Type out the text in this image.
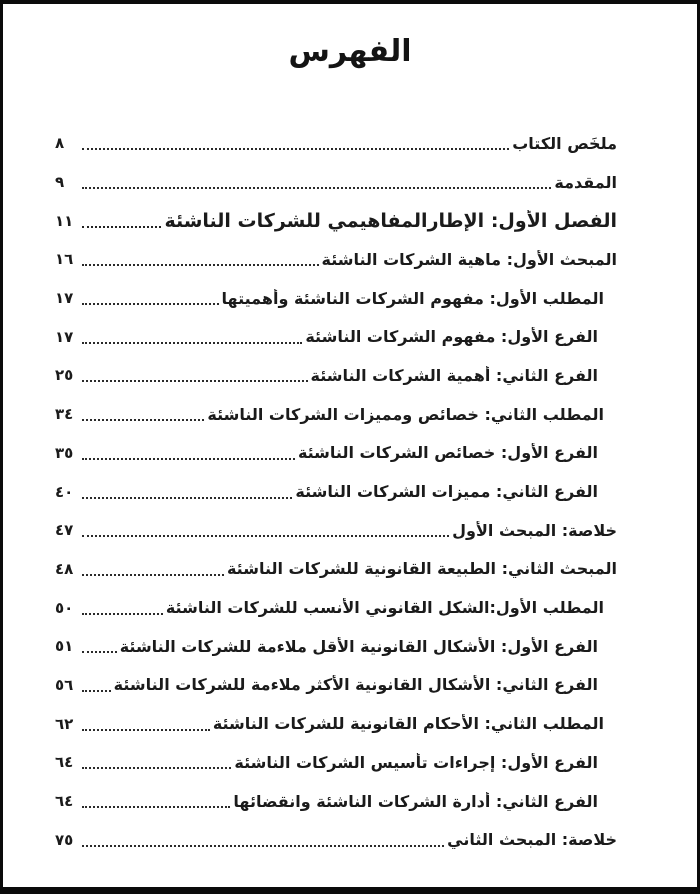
الفهرس
ملخَص الكتاب
٨
المقدمة
٩
الفصل الأول: الإطارالمفاهيمي للشركات الناشئة
١١
المبحث الأول: ماهية الشركات الناشئة
١٦
المطلب الأول: مفهوم الشركات الناشئة وأهميتها
١٧
الفرع الأول: مفهوم الشركات الناشئة
١٧
الفرع الثاني: أهمية الشركات الناشئة
٢٥
المطلب الثاني: خصائص ومميزات الشركات الناشئة
٣٤
الفرع الأول: خصائص الشركات الناشئة
٣٥
الفرع الثاني: مميزات الشركات الناشئة
٤٠
خلاصة: المبحث الأول
٤٧
المبحث الثاني: الطبيعة القانونية للشركات الناشئة
٤٨
المطلب الأول:الشكل القانوني الأنسب للشركات الناشئة
٥٠
الفرع الأول: الأشكال القانونية الأقل ملاءمة للشركات الناشئة
٥١
الفرع الثاني: الأشكال القانونية الأكثر ملاءمة للشركات الناشئة
٥٦
المطلب الثاني: الأحكام القانونية للشركات الناشئة
٦٢
الفرع الأول: إجراءات تأسيس الشركات الناشئة
٦٤
الفرع الثاني: أدارة الشركات الناشئة وانقضائها
٦٤
خلاصة: المبحث الثاني
٧٥
